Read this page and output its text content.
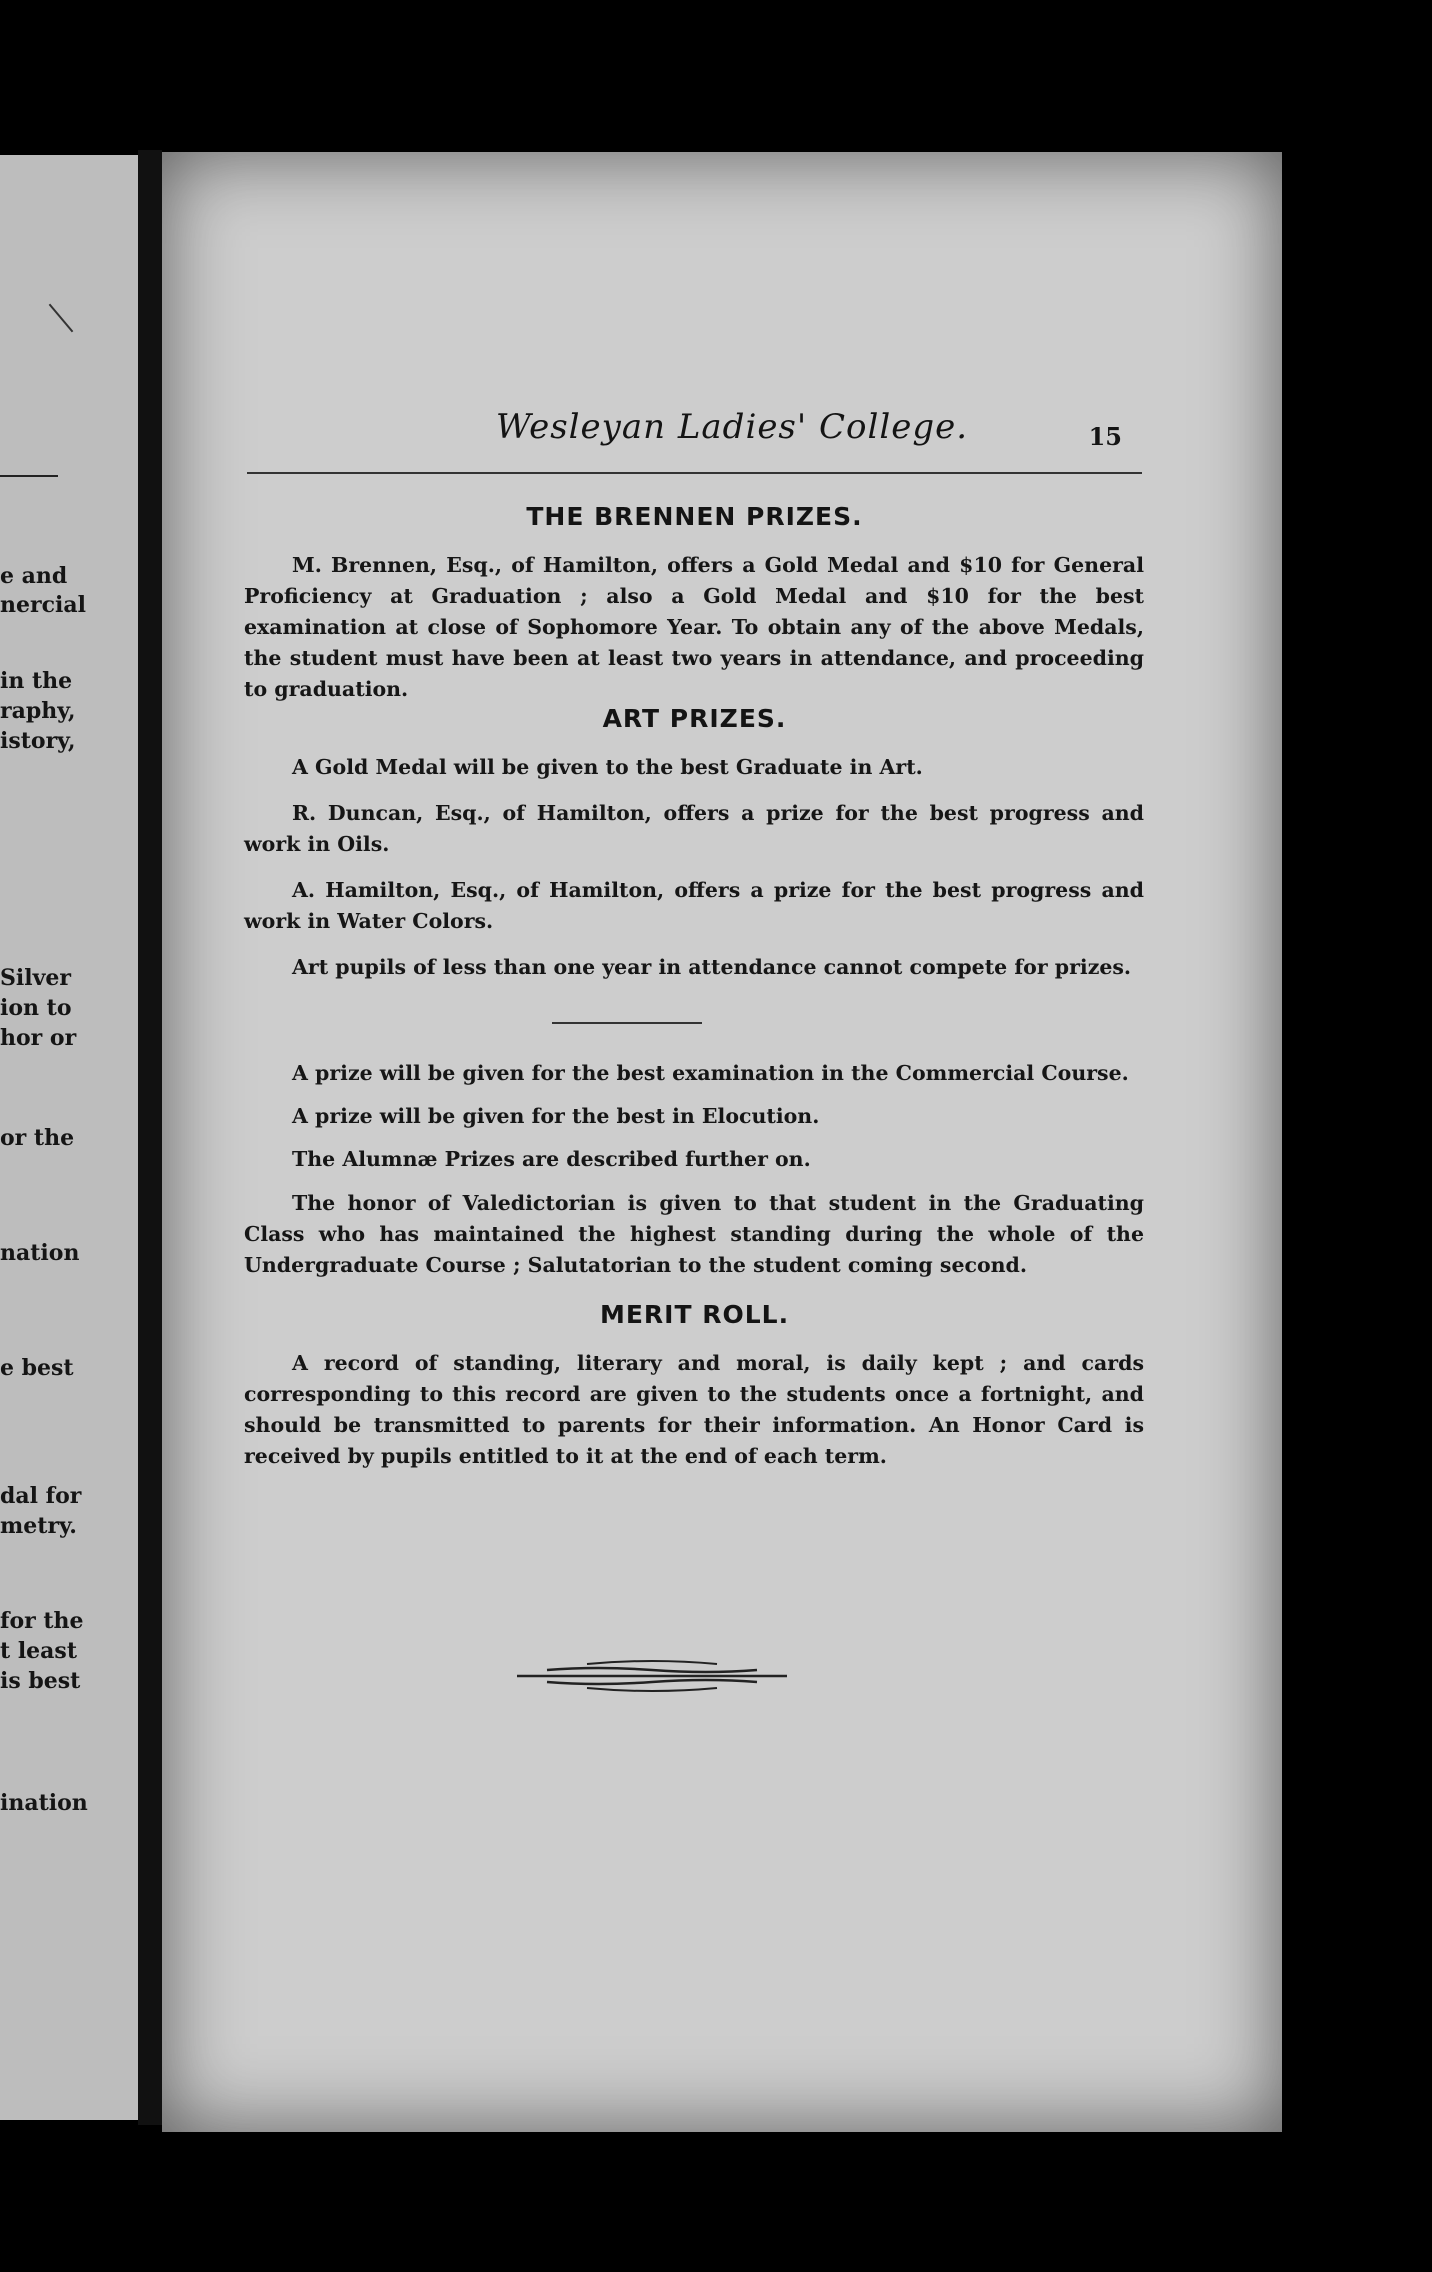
e and
nercial
in the
raphy,
istory,
Silver
ion to
hor or
or the
nation
e best
dal for
metry.
for the
t least
is best
ination
Wesleyan Ladies' College.	15
THE BRENNEN PRIZES.

M. Brennen, Esq., of Hamilton, offers a Gold Medal and $10 for General Proficiency at Graduation ; also a Gold Medal and $10 for the best examination at close of Sophomore Year. To obtain any of the above Medals, the student must have been at least two years in attendance, and proceeding to graduation.

ART PRIZES.

A Gold Medal will be given to the best Graduate in Art.

R. Duncan, Esq., of Hamilton, offers a prize for the best progress and work in Oils.

A. Hamilton, Esq., of Hamilton, offers a prize for the best progress and work in Water Colors.

Art pupils of less than one year in attendance cannot compete for prizes.

A prize will be given for the best examination in the Commercial Course.

A prize will be given for the best in Elocution.

The Alumnæ Prizes are described further on.

The honor of Valedictorian is given to that student in the Graduating Class who has maintained the highest standing during the whole of the Undergraduate Course ; Salutatorian to the student coming second.

MERIT ROLL.

A record of standing, literary and moral, is daily kept ; and cards corresponding to this record are given to the students once a fortnight, and should be transmitted to parents for their information. An Honor Card is received by pupils entitled to it at the end of each term.
